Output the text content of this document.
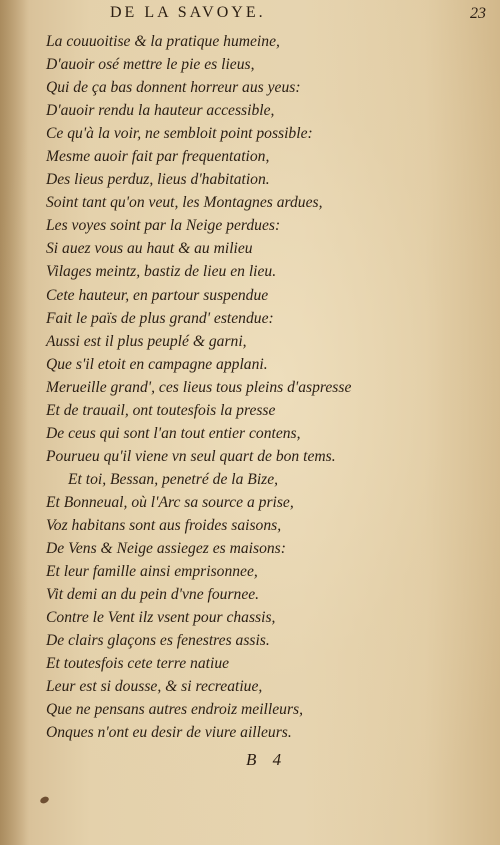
DE LA SAVOYE.	23
La couuoitise & la pratique humeine,
D'auoir osé mettre le pie es lieus,
Qui de ça bas donnent horreur aus yeus:
D'auoir rendu la hauteur accessible,
Ce qu'à la voir, ne sembloit point possible:
Mesme auoir fait par frequentation,
Des lieus perduz, lieus d'habitation.
Soint tant qu'on veut, les Montagnes ardues,
Les voyes soint par la Neige perdues:
Si auez vous au haut & au milieu
Vilages meintz, bastiz de lieu en lieu.
Cete hauteur, en partour suspendue
Fait le païs de plus grand' estendue:
Aussi est il plus peuplé & garni,
Que s'il etoit en campagne applani.
Merueille grand', ces lieus tous pleins d'aspresse
Et de trauail, ont toutesfois la presse
De ceus qui sont l'an tout entier contens,
Pourueu qu'il viene vn seul quart de bon tems.
Et toi, Bessan, penetré de la Bize,
Et Bonneual, où l'Arc sa source a prise,
Voz habitans sont aus froides saisons,
De Vens & Neige assiegez es maisons:
Et leur famille ainsi emprisonnee,
Vit demi an du pein d'vne fournee.
Contre le Vent ilz vsent pour chassis,
De clairs glaçons es fenestres assis.
Et toutesfois cete terre natiue
Leur est si dousse, & si recreatiue,
Que ne pensans autres endroiz meilleurs,
Onques n'ont eu desir de viure ailleurs.
B 4
